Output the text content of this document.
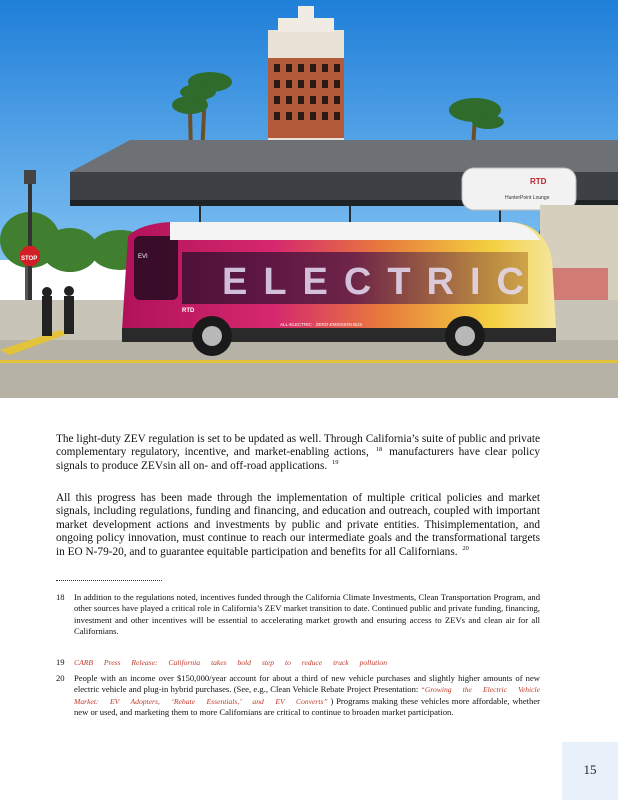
RTD
HunterPoint Lounge
STOP
ELECTRIC
EVI
RTD
ALL-ELECTRIC · ZERO-EMISSION BUS
The light-duty ZEV regulation is set to be updated as well. Through California’s suite of public and private complementary regulatory, incentive, and market-enabling actions, $^{18}$ manufacturers have clear policy signals to produce ZEVsin all on- and off-road applications. $^{19}$
All this progress has been made through the implementation of multiple critical policies and market signals, including regulations, funding and financing, and education and outreach, coupled with important market development actions and investments by public and private entities. Thisimplementation, and ongoing policy innovation, must continue to reach our intermediate goals and the transformational targets in EO N-79-20, and to guarantee equitable participation and benefits for all Californians. $^{20}$
18 In addition to the regulations noted, incentives funded through the California Climate Investments, Clean Transportation Program, and other sources have played a critical role in California’s ZEV market transition to date. Continued public and private funding, financing, investment and other incentives will be essential to accelerating market growth and ensuring access to ZEVs and clean air for all Californians.
19 CARB Press Release: California takes bold step to reduce truck pollution
20 People with an income over $150,000/year account for about a third of new vehicle purchases and slightly higher amounts of new electric vehicle and plug-in hybrid purchases. (See, e.g., Clean Vehicle Rebate Project Presentation: “Growing the Electric Vehicle Market: EV Adopters, ‘Rebate Essentials,’ and EV Converts” ) Programs making these vehicles more affordable, whether new or used, and marketing them to more Californians are critical to continue to broaden market participation.
15
